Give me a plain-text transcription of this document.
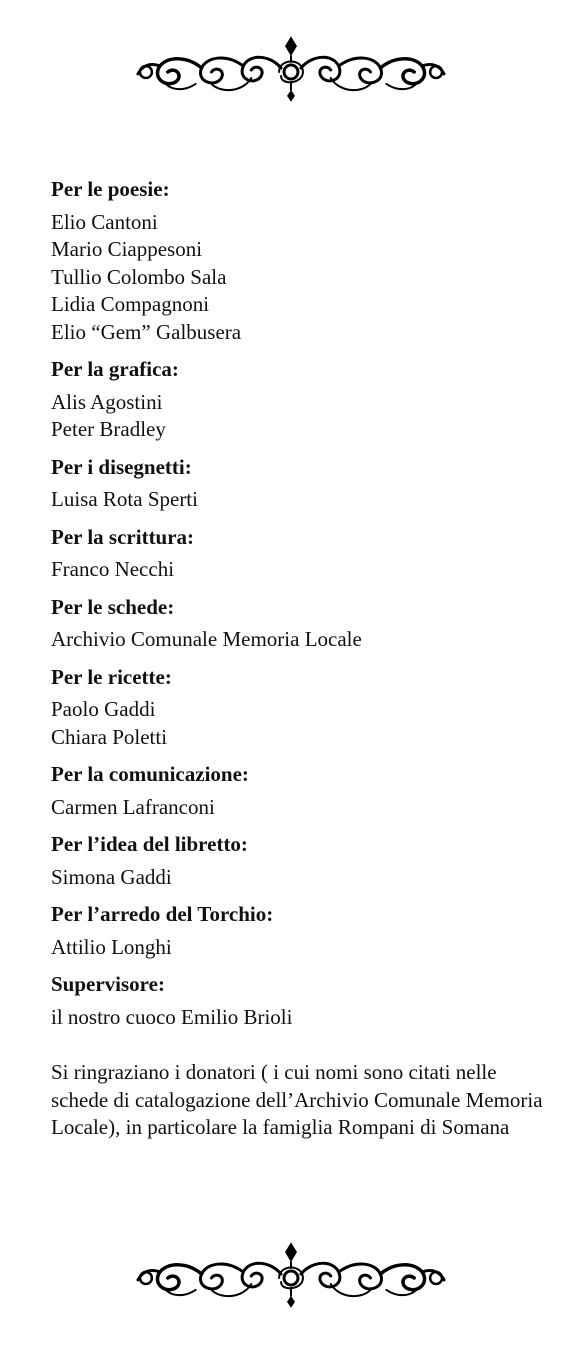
Per le poesie:
Elio Cantoni
Mario Ciappesoni
Tullio Colombo Sala
Lidia Compagnoni
Elio “Gem” Galbusera
Per la grafica:
Alis Agostini
Peter Bradley
Per i disegnetti:
Luisa Rota Sperti
Per la scrittura:
Franco Necchi
Per le schede:
Archivio Comunale Memoria Locale
Per le ricette:
Paolo Gaddi
Chiara Poletti
Per la comunicazione:
Carmen Lafranconi
Per l’idea del libretto:
Simona Gaddi
Per l’arredo del Torchio:
Attilio Longhi
Supervisore:
il nostro cuoco Emilio Brioli
Si ringraziano i donatori ( i cui nomi sono citati nelle schede di catalogazione dell’Archivio Comunale Memoria Locale), in particolare la famiglia Rompani di Somana
